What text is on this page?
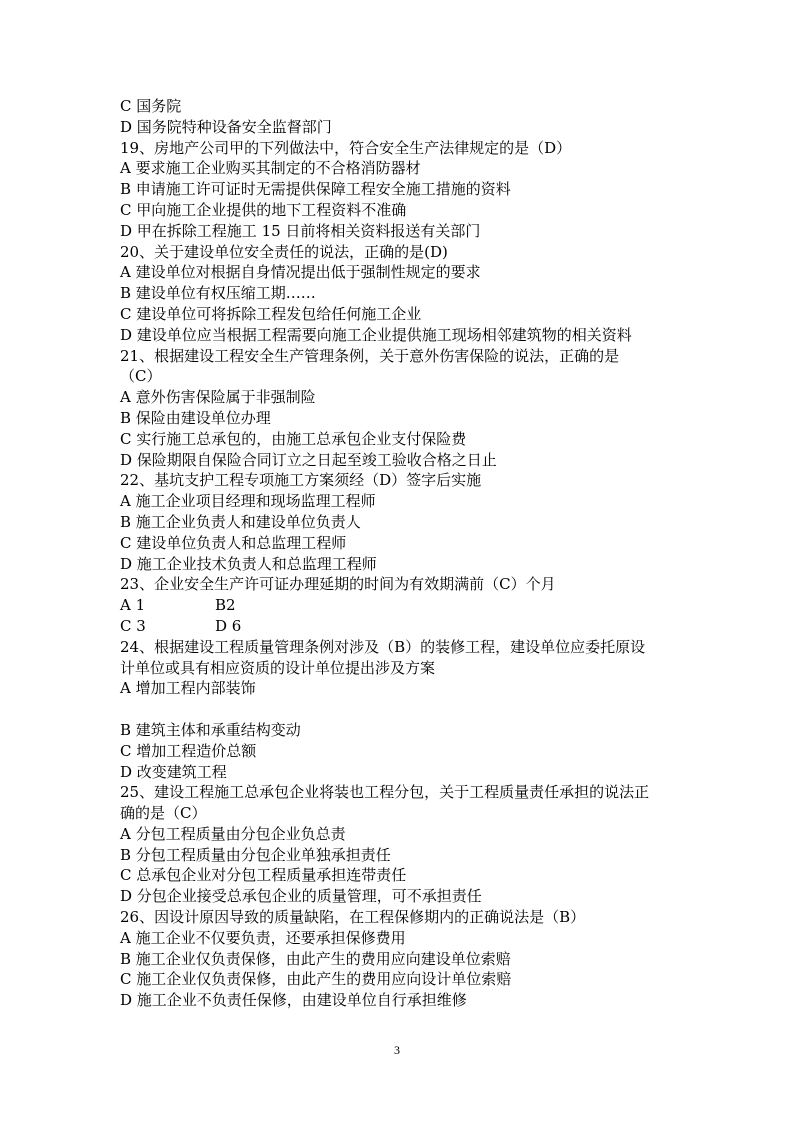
C 国务院
D 国务院特种设备安全监督部门
19、房地产公司甲的下列做法中，符合安全生产法律规定的是（D）
A 要求施工企业购买其制定的不合格消防器材
B 申请施工许可证时无需提供保障工程安全施工措施的资料
C 甲向施工企业提供的地下工程资料不准确
D 甲在拆除工程施工 15 日前将相关资料报送有关部门
20、关于建设单位安全责任的说法，正确的是(D)
A 建设单位对根据自身情况提出低于强制性规定的要求
B 建设单位有权压缩工期……
C 建设单位可将拆除工程发包给任何施工企业
D 建设单位应当根据工程需要向施工企业提供施工现场相邻建筑物的相关资料
21、根据建设工程安全生产管理条例，关于意外伤害保险的说法，正确的是
（C）
A 意外伤害保险属于非强制险
B 保险由建设单位办理
C 实行施工总承包的，由施工总承包企业支付保险费
D 保险期限自保险合同订立之日起至竣工验收合格之日止
22、基坑支护工程专项施工方案须经（D）签字后实施
A 施工企业项目经理和现场监理工程师
B 施工企业负责人和建设单位负责人
C 建设单位负责人和总监理工程师
D 施工企业技术负责人和总监理工程师
23、企业安全生产许可证办理延期的时间为有效期满前（C）个月
A 1	B2
C 3	D 6
24、根据建设工程质量管理条例对涉及（B）的装修工程，建设单位应委托原设
计单位或具有相应资质的设计单位提出涉及方案
A 增加工程内部装饰
B 建筑主体和承重结构变动
C 增加工程造价总额
D 改变建筑工程
25、建设工程施工总承包企业将装也工程分包，关于工程质量责任承担的说法正
确的是（C）
A 分包工程质量由分包企业负总责
B 分包工程质量由分包企业单独承担责任
C 总承包企业对分包工程质量承担连带责任
D 分包企业接受总承包企业的质量管理，可不承担责任
26、因设计原因导致的质量缺陷，在工程保修期内的正确说法是（B）
A 施工企业不仅要负责，还要承担保修费用
B 施工企业仅负责保修，由此产生的费用应向建设单位索赔
C 施工企业仅负责保修，由此产生的费用应向设计单位索赔
D 施工企业不负责任保修，由建设单位自行承担维修
3
